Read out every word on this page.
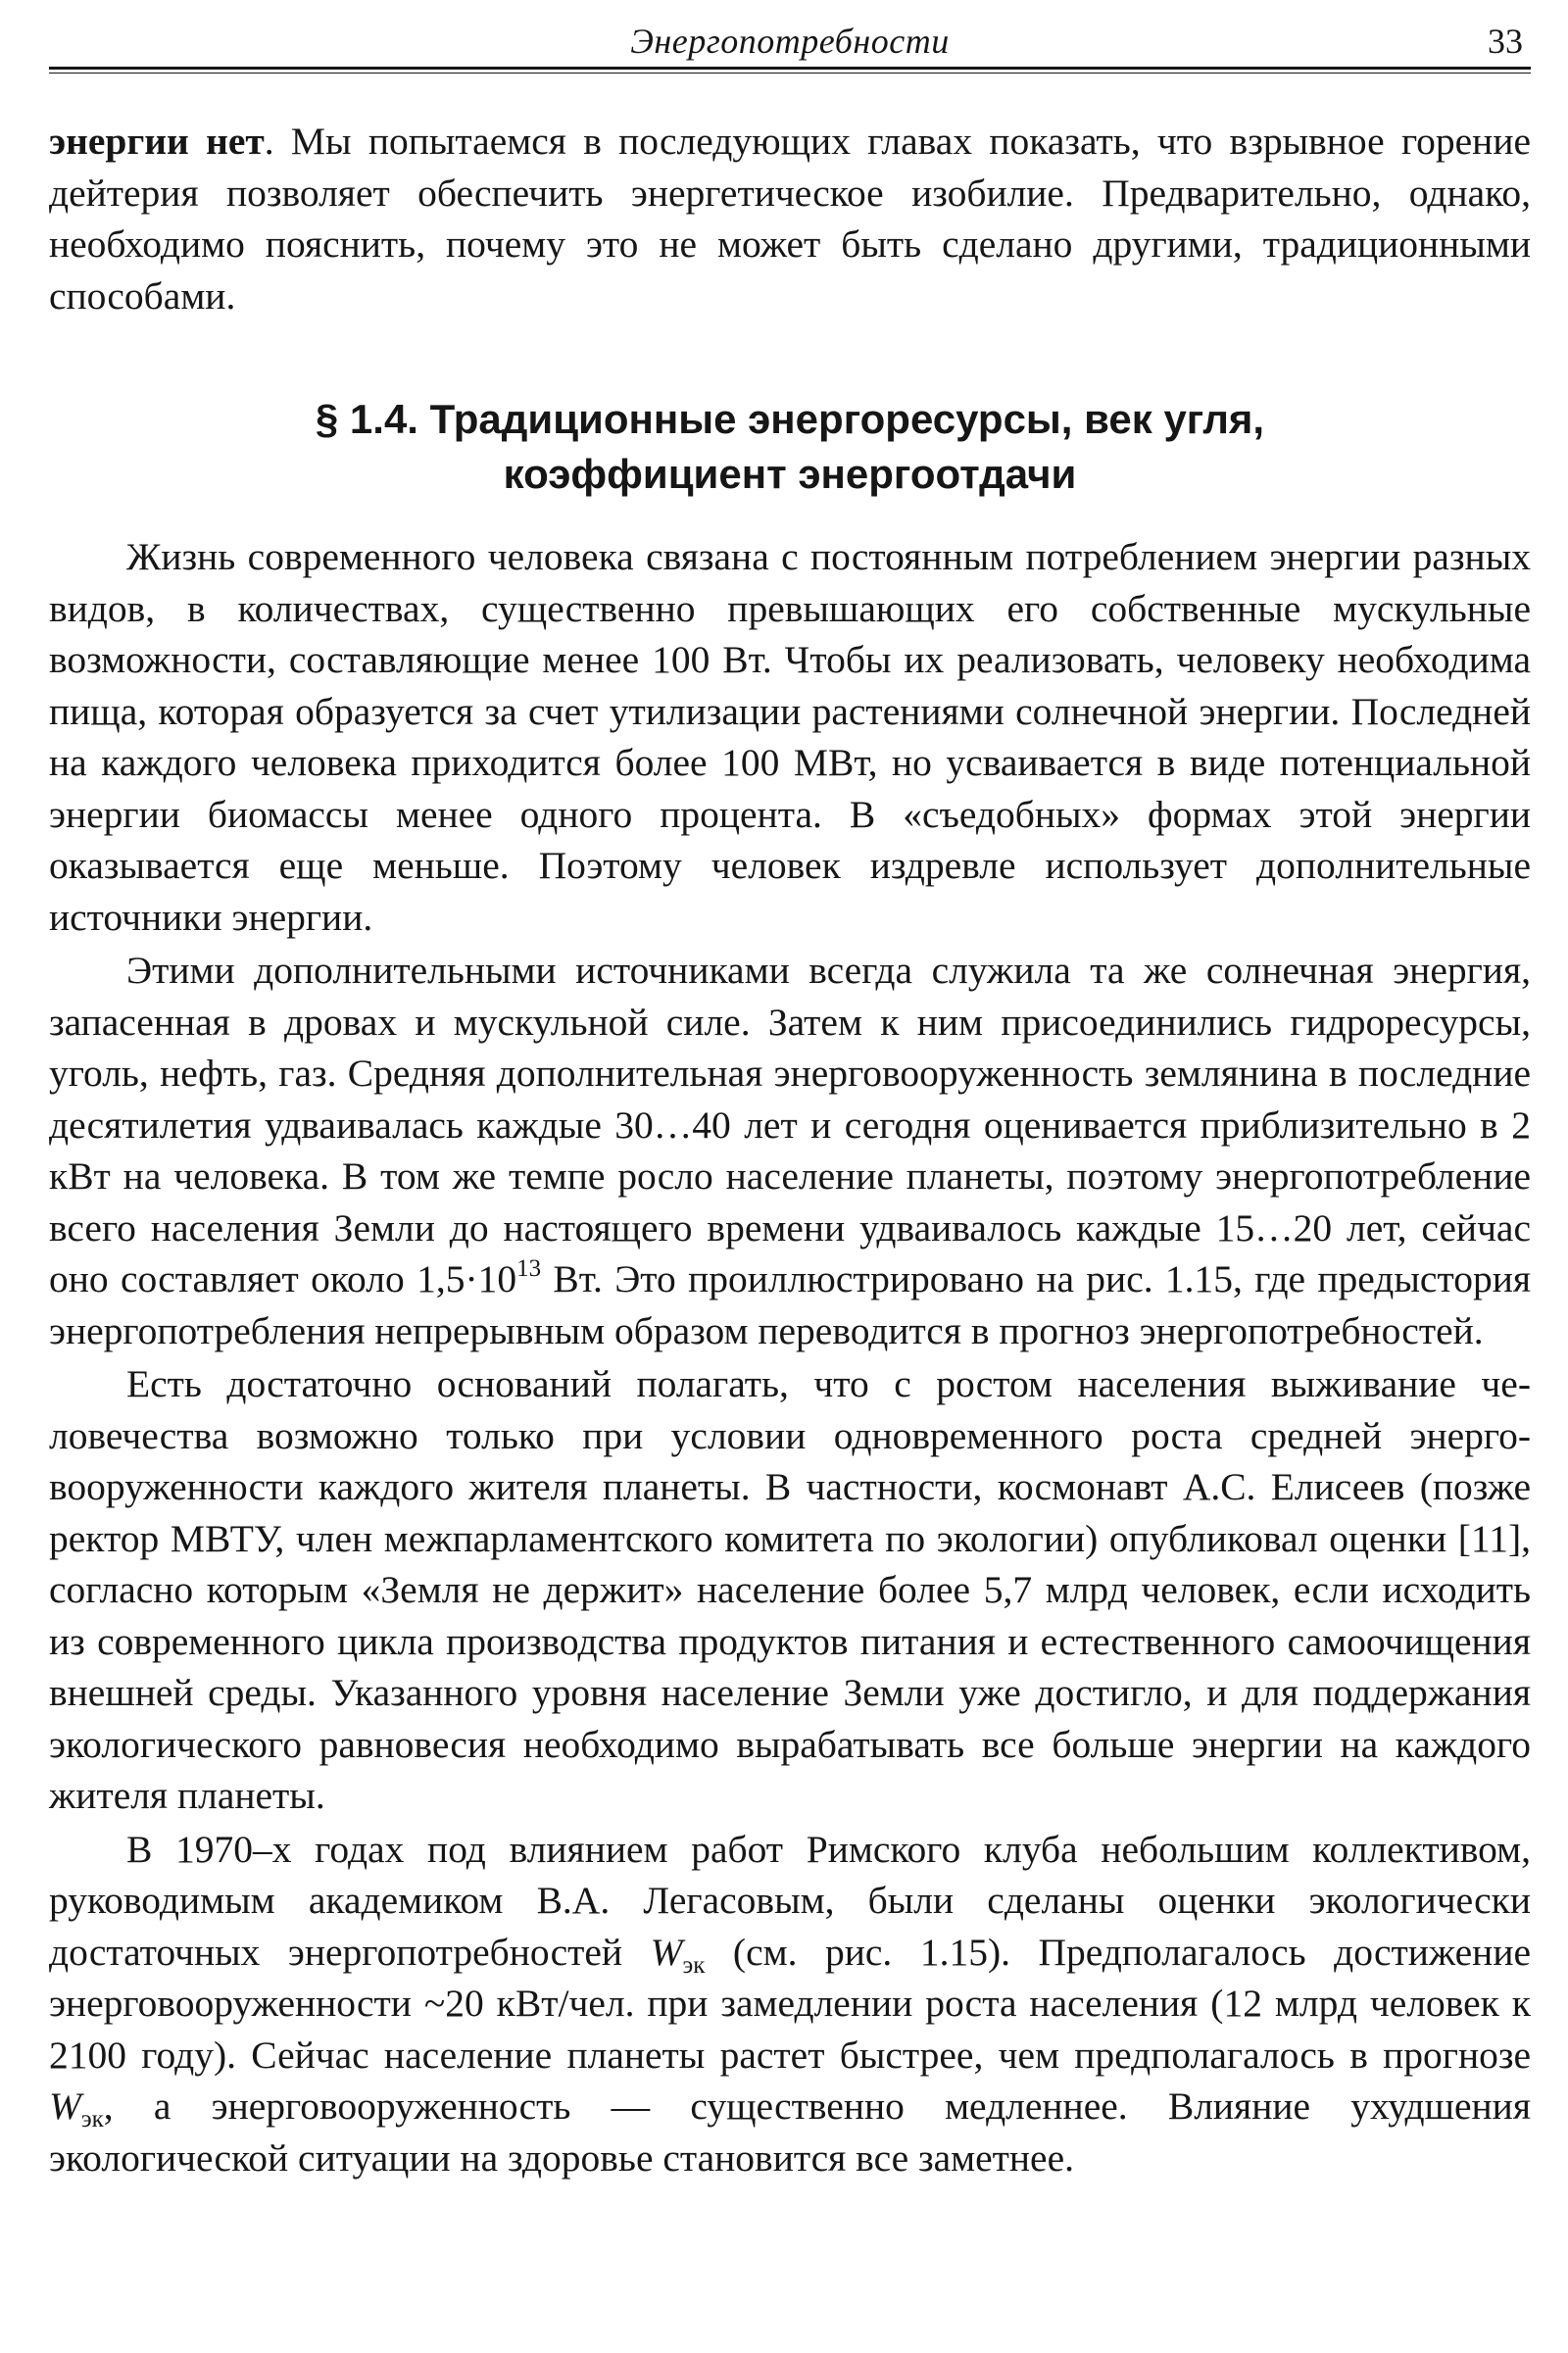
Энергопотребности	33

энергии нет. Мы попытаемся в последующих главах показать, что взрывное горение дейтерия позволяет обеспечить энергетическое изобилие. Предварительно, однако, необходимо пояснить, почему это не может быть сделано другими, традиционными способами.

§ 1.4. Традиционные энергоресурсы, век угля,
коэффициент энергоотдачи

Жизнь современного человека связана с постоянным потреблением энергии разных видов, в количествах, существенно превышающих его собственные мускульные возможности, составляющие менее 100 Вт. Чтобы их реализовать, человеку необходима пища, которая образуется за счет утилизации растениями солнечной энергии. Последней на каждого человека приходится более 100 МВт, но усваивается в виде потенциальной энергии биомассы менее одного процента. В «съедобных» формах этой энергии оказывается еще меньше. Поэтому человек издревле использует дополнительные источники энергии.

Этими дополнительными источниками всегда служила та же солнечная энергия, запасенная в дровах и мускульной силе. Затем к ним присоединились гидроресурсы, уголь, нефть, газ. Средняя дополнительная энерговооруженность землянина в последние десятилетия удваивалась каждые 30…40 лет и сегодня оценивается приблизительно в 2 кВт на человека. В том же темпе росло население планеты, поэтому энергопотребление всего населения Земли до настоящего времени удваивалось каждые 15…20 лет, сейчас оно составляет около $1,5\cdot 10^{13}$ Вт. Это проиллюстрировано на рис. 1.15, где предыстория энергопотребления непрерывным образом переводится в прогноз энергопотребностей.

Есть достаточно оснований полагать, что с ростом населения выживание человечества возможно только при условии одновременного роста средней энерговооруженности каждого жителя планеты. В частности, космонавт А.С. Елисеев (позже ректор МВТУ, член межпарламентского комитета по экологии) опубликовал оценки [11], согласно которым «Земля не держит» население более 5,7 млрд человек, если исходить из современного цикла производства продуктов питания и естественного самоочищения внешней среды. Указанного уровня население Земли уже достигло, и для поддержания экологического равновесия необходимо вырабатывать все больше энергии на каждого жителя планеты.

В 1970–х годах под влиянием работ Римского клуба небольшим коллективом, руководимым академиком В.А. Легасовым, были сделаны оценки экологически достаточных энергопотребностей $W_{эк}$ (см. рис. 1.15). Предполагалось достижение энерговооруженности ~20 кВт/чел. при замедлении роста населения (12 млрд человек к 2100 году). Сейчас население планеты растет быстрее, чем предполагалось в прогнозе $W_{эк}$, а энерговооруженность — существенно медленнее. Влияние ухудшения экологической ситуации на здоровье становится все заметнее.
